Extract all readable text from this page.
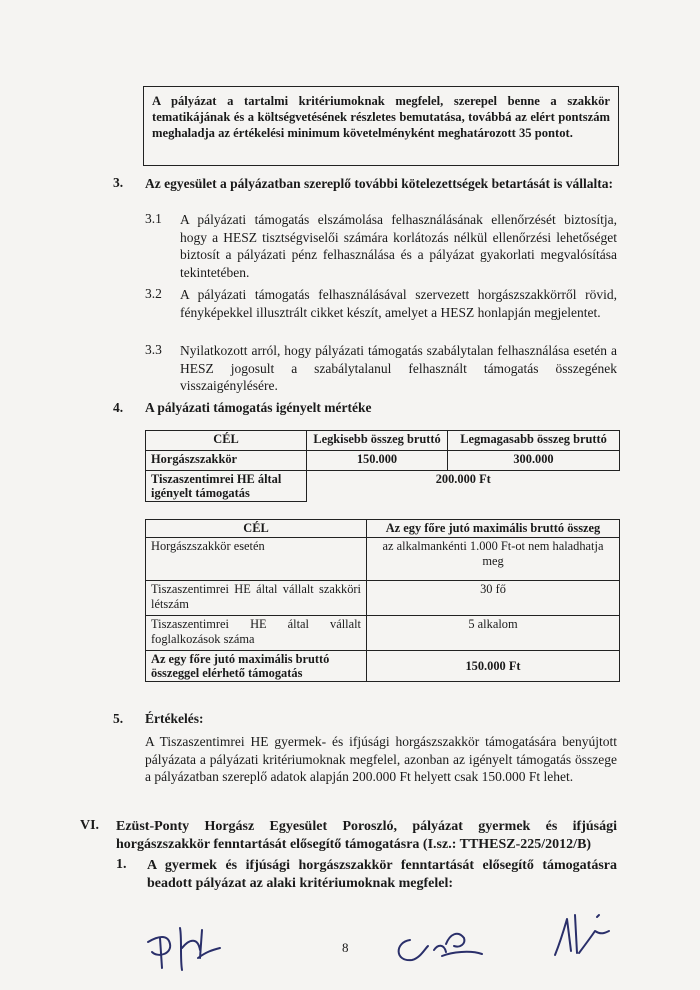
A pályázat a tartalmi kritériumoknak megfelel, szerepel benne a szakkör tematikájának és a költségvetésének részletes bemutatása, továbbá az elért pontszám meghaladja az értékelési minimum követelményként meghatározott 35 pontot.
3. Az egyesület a pályázatban szereplő további kötelezettségek betartását is vállalta:
3.1 A pályázati támogatás elszámolása felhasználásának ellenőrzését biztosítja, hogy a HESZ tisztségviselői számára korlátozás nélkül ellenőrzési lehetőséget biztosít a pályázati pénz felhasználása és a pályázat gyakorlati megvalósítása tekintetében.
3.2 A pályázati támogatás felhasználásával szervezett horgászszakkörről rövid, fényképekkel illusztrált cikket készít, amelyet a HESZ honlapján megjelentet.
3.3 Nyilatkozott arról, hogy pályázati támogatás szabálytalan felhasználása esetén a HESZ jogosult a szabálytalanul felhasznált támogatás összegének visszaigénylésére.
4. A pályázati támogatás igényelt mértéke
CÉL	Legkisebb összeg bruttó	Legmagasabb összeg bruttó
Horgászszakkör	150.000	300.000
Tiszaszentimrei HE által igényelt támogatás	200.000 Ft	
CÉL	Az egy főre jutó maximális bruttó összeg
Horgászszakkör esetén	az alkalmankénti 1.000 Ft-ot nem haladhatja meg
Tiszaszentimrei HE által vállalt szakköri létszám	30 fő
Tiszaszentimrei HE által vállalt foglalkozások száma	5 alkalom
Az egy főre jutó maximális bruttó összeggel elérhető támogatás	150.000 Ft
5. Értékelés:
A Tiszaszentimrei HE gyermek- és ifjúsági horgászszakkör támogatására benyújtott pályázata a pályázati kritériumoknak megfelel, azonban az igényelt támogatás összege a pályázatban szereplő adatok alapján 200.000 Ft helyett csak 150.000 Ft lehet.
VI. Ezüst-Ponty Horgász Egyesület Poroszló, pályázat gyermek és ifjúsági horgászszakkör fenntartását elősegítő támogatásra (I.sz.: TTHESZ-225/2012/B)
1. A gyermek és ifjúsági horgászszakkör fenntartását elősegítő támogatásra beadott pályázat az alaki kritériumoknak megfelel:
8
